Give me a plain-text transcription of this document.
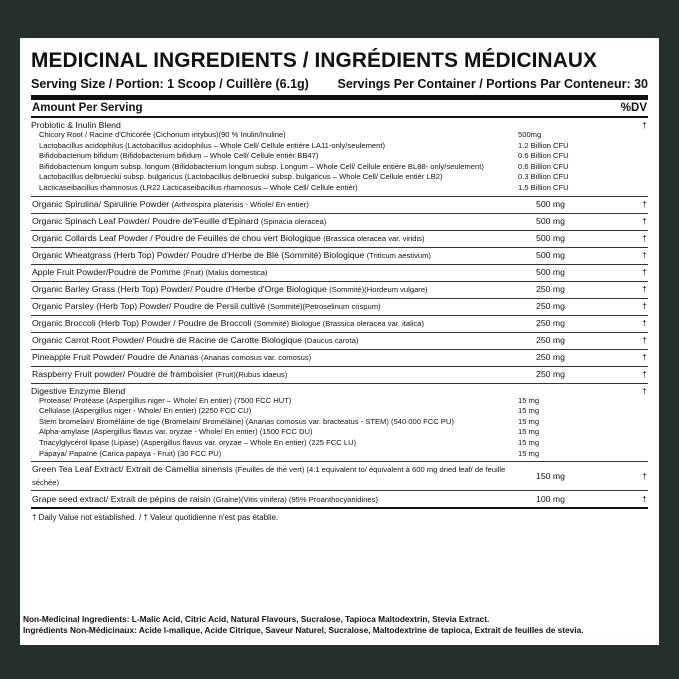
MEDICINAL INGREDIENTS / INGRÉDIENTS MÉDICINAUX
Serving Size / Portion: 1 Scoop / Cuillère (6.1g) Servings Per Container / Portions Par Conteneur: 30
Amount Per Serving	%DV
Probiotic & Inulin Blend	†
Chicory Root / Racine d'Chicorée (Cichorium intybus)(90 % Inulin/Inuline)	500mg
Lactobacillus acidophilus (Lactobacillus acidophilus – Whole Cell/ Cellule entière LA11-only/seulement)	1.2 Billion CFU
Bifidobacterium bifidum (Bifidobacterium bifidum – Whole Cell/ Cellule entièr BB47)	0.6 Billion CFU
Bifidobacterium longum subsp. longum (Bifidobacterium longum subsp. Longum – Whole Cell/ Cellule entière BL88- only/seulement)	0.6 Billion CFU
Lactobacillus delbrueckii subsp. bulgaricus (Lactobacillus delbrueckii subsp. bulgaricus – Whole Cell/ Cellule entièr LB2)	0.3 Billion CFU
Lacticaseibacillus rhamnosus (LR22 Lacticaseibacillus rhamnosus – Whole Cell/ Cellule entièr)	1.5 Billion CFU
Organic Spirulina/ Spiruline Powder (Arthrospira platensis - Whole/ En entier)	500 mg	†
Organic Spinach Leaf Powder/ Poudre de'Feuille d'Epinard (Spinacia oleracea)	500 mg	†
Organic Collards Leaf Powder / Poudre de Feuilles de chou vert Biologique (Brassica oleracea var. viridis)	500 mg	†
Organic Wheatgrass (Herb Top) Powder/ Poudre d'Herbe de Blé (Sommité) Biologique (Triticum aestivum)	500 mg	†
Apple Fruit Powder/Poudre de Pomme (Fruit) (Malus domestica)	500 mg	†
Organic Barley Grass (Herb Top) Powder/ Poudre d'Herbe d'Orge Biologique (Sommité)(Hordeum vulgare)	250 mg	†
Organic Parsley (Herb Top) Powder/ Poudre de Persil cultivé (Sommité)(Petroselinum crispum)	250 mg	†
Organic Broccoli (Herb Top) Powder / Poudre de Broccoli (Sommité) Biologue (Brassica oleracea var. italica)	250 mg	†
Organic Carrot Root Powder/ Poudre de Racine de Carotte Biologique (Daucus carota)	250 mg	†
Pineapple Fruit Powder/ Poudre de Ananas (Ananas comosus var. comosus)	250 mg	†
Raspberry Fruit powder/ Poudre de framboisier (Fruit)(Rubus idaeus)	250 mg	†
Digestive Enzyme Blend	†
Protease/ Protéase (Aspergillus niger – Whole/ En entier) (7500 FCC HUT)	15 mg
Cellulase (Aspergillus niger - Whole/ En entier) (2250 FCC CU)	15 mg
Stem bromelain/ Broméláine de tige (Bromelain/ Broméláine) (Ananas comosus var. bracteatus - STEM) (540 000 FCC PU)	15 mg
Alpha-amylase (Aspergillus flavus var. oryzae - Whole/ En entier) (1500 FCC DU)	15 mg
Triacylglycérol lipase (Lipase) (Aspergillus flavus var. oryzae – Whole En entier) (225 FCC LU)	15 mg
Papaya/ Papaïne (Carica papaya - Fruit) (30 FCC PU)	15 mg
Green Tea Leaf Extract/ Extrait de Camellia sinensis (Feuilles de thé vert) (4:1 equivalent to/ équivalent à 600 mg dried leaf/ de feuille séchée)
150 mg	†
Grape seed extract/ Extrait de pépins de raisin (Graine)(Vitis vinifera) (95% Proanthocyanidines)	100 mg	†
† Daily Value not established. / † Valeur quotidienne n'est pas établie.
Non-Medicinal Ingredients: L-Malic Acid, Citric Acid, Natural Flavours, Sucralose, Tapioca Maltodextrin, Stevia Extract.
Ingrédients Non-Médicinaux: Acide l-malique, Acide Citrique, Saveur Naturel, Sucralose, Maltodextrine de tapioca, Extrait de feuilles de stevia.
